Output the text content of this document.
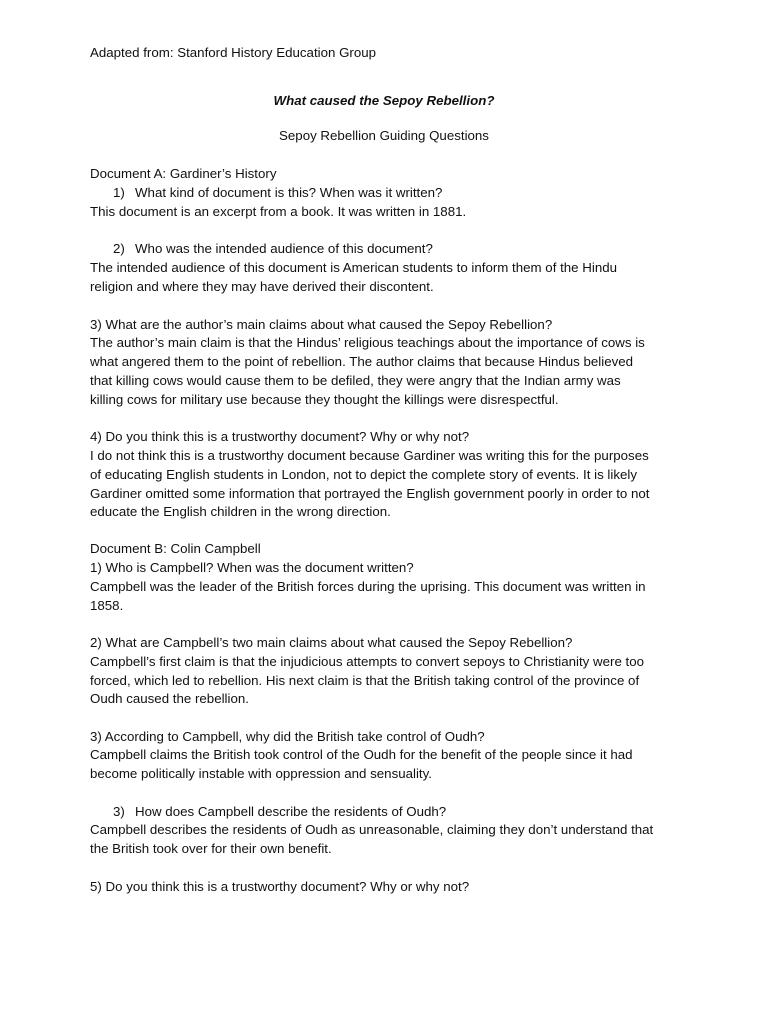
Adapted from: Stanford History Education Group

What caused the Sepoy Rebellion?

Sepoy Rebellion Guiding Questions

Document A: Gardiner’s History

1) What kind of document is this? When was it written?

This document is an excerpt from a book. It was written in 1881.

2) Who was the intended audience of this document?

The intended audience of this document is American students to inform them of the Hindu

religion and where they may have derived their discontent.

3) What are the author’s main claims about what caused the Sepoy Rebellion?

The author’s main claim is that the Hindus’ religious teachings about the importance of cows is

what angered them to the point of rebellion. The author claims that because Hindus believed

that killing cows would cause them to be defiled, they were angry that the Indian army was

killing cows for military use because they thought the killings were disrespectful.

4) Do you think this is a trustworthy document? Why or why not?

I do not think this is a trustworthy document because Gardiner was writing this for the purposes

of educating English students in London, not to depict the complete story of events. It is likely

Gardiner omitted some information that portrayed the English government poorly in order to not

educate the English children in the wrong direction.

Document B: Colin Campbell

1) Who is Campbell? When was the document written?

Campbell was the leader of the British forces during the uprising. This document was written in

1858.

2) What are Campbell’s two main claims about what caused the Sepoy Rebellion?

Campbell’s first claim is that the injudicious attempts to convert sepoys to Christianity were too

forced, which led to rebellion. His next claim is that the British taking control of the province of

Oudh caused the rebellion.

3) According to Campbell, why did the British take control of Oudh?

Campbell claims the British took control of the Oudh for the benefit of the people since it had

become politically instable with oppression and sensuality.

3) How does Campbell describe the residents of Oudh?

Campbell describes the residents of Oudh as unreasonable, claiming they don’t understand that

the British took over for their own benefit.

5) Do you think this is a trustworthy document? Why or why not?
